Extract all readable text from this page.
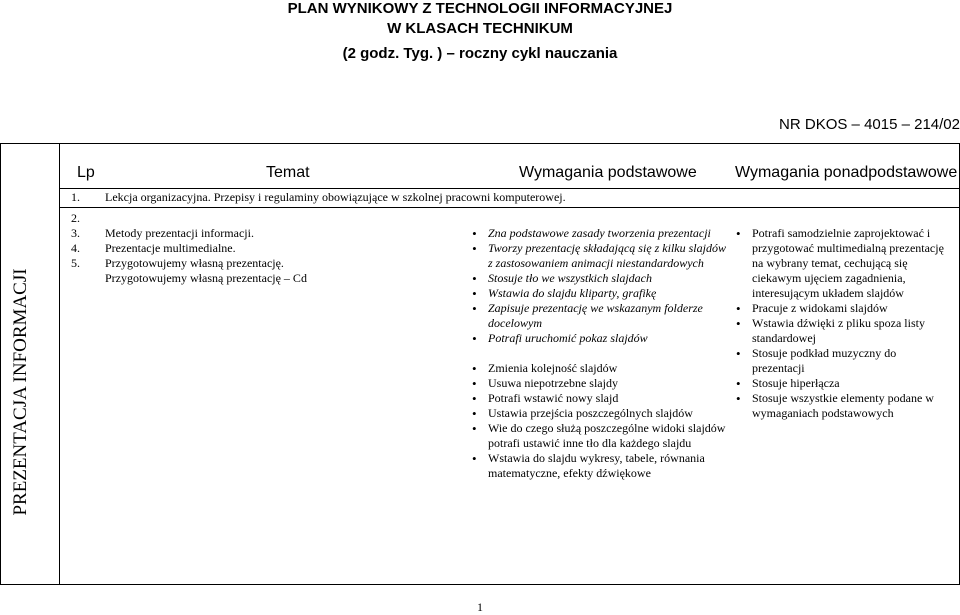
PLAN WYNIKOWY Z TECHNOLOGII INFORMACYJNEJ
W KLASACH TECHNIKUM
(2 godz. Tyg. ) – roczny cykl nauczania
NR DKOS – 4015 – 214/02
Lp	Temat	Wymagania podstawowe Wymagania ponadpodstawowe
PREZENTACJA INFORMACJI
1. Lekcja organizacyjna. Przepisy i regulaminy obowiązujące w szkolnej pracowni komputerowej.
2.
3.
4.
5.
Metody prezentacji informacji.
Prezentacje multimedialne.
Przygotowujemy własną prezentację.
Przygotowujemy własną prezentację – Cd
• Zna podstawowe zasady tworzenia prezentacji
• Tworzy prezentację składającą się z kilku slajdów z zastosowaniem animacji niestandardowych
• Stosuje tło we wszystkich slajdach
• Wstawia do slajdu kliparty, grafikę
• Zapisuje prezentację we wskazanym folderze docelowym
• Potrafi uruchomić pokaz slajdów
• Zmienia kolejność slajdów
• Usuwa niepotrzebne slajdy
• Potrafi wstawić nowy slajd
• Ustawia przejścia poszczególnych slajdów
• Wie do czego służą poszczególne widoki slajdów potrafi ustawić inne tło dla każdego slajdu
• Wstawia do slajdu wykresy, tabele, równania matematyczne, efekty dźwiękowe
• Potrafi samodzielnie zaprojektować i przygotować multimedialną prezentację na wybrany temat, cechującą się ciekawym ujęciem zagadnienia, interesującym układem slajdów
• Pracuje z widokami slajdów
• Wstawia dźwięki z pliku spoza listy standardowej
• Stosuje podkład muzyczny do prezentacji
• Stosuje hiperłącza
• Stosuje wszystkie elementy podane w wymaganiach podstawowych
1
